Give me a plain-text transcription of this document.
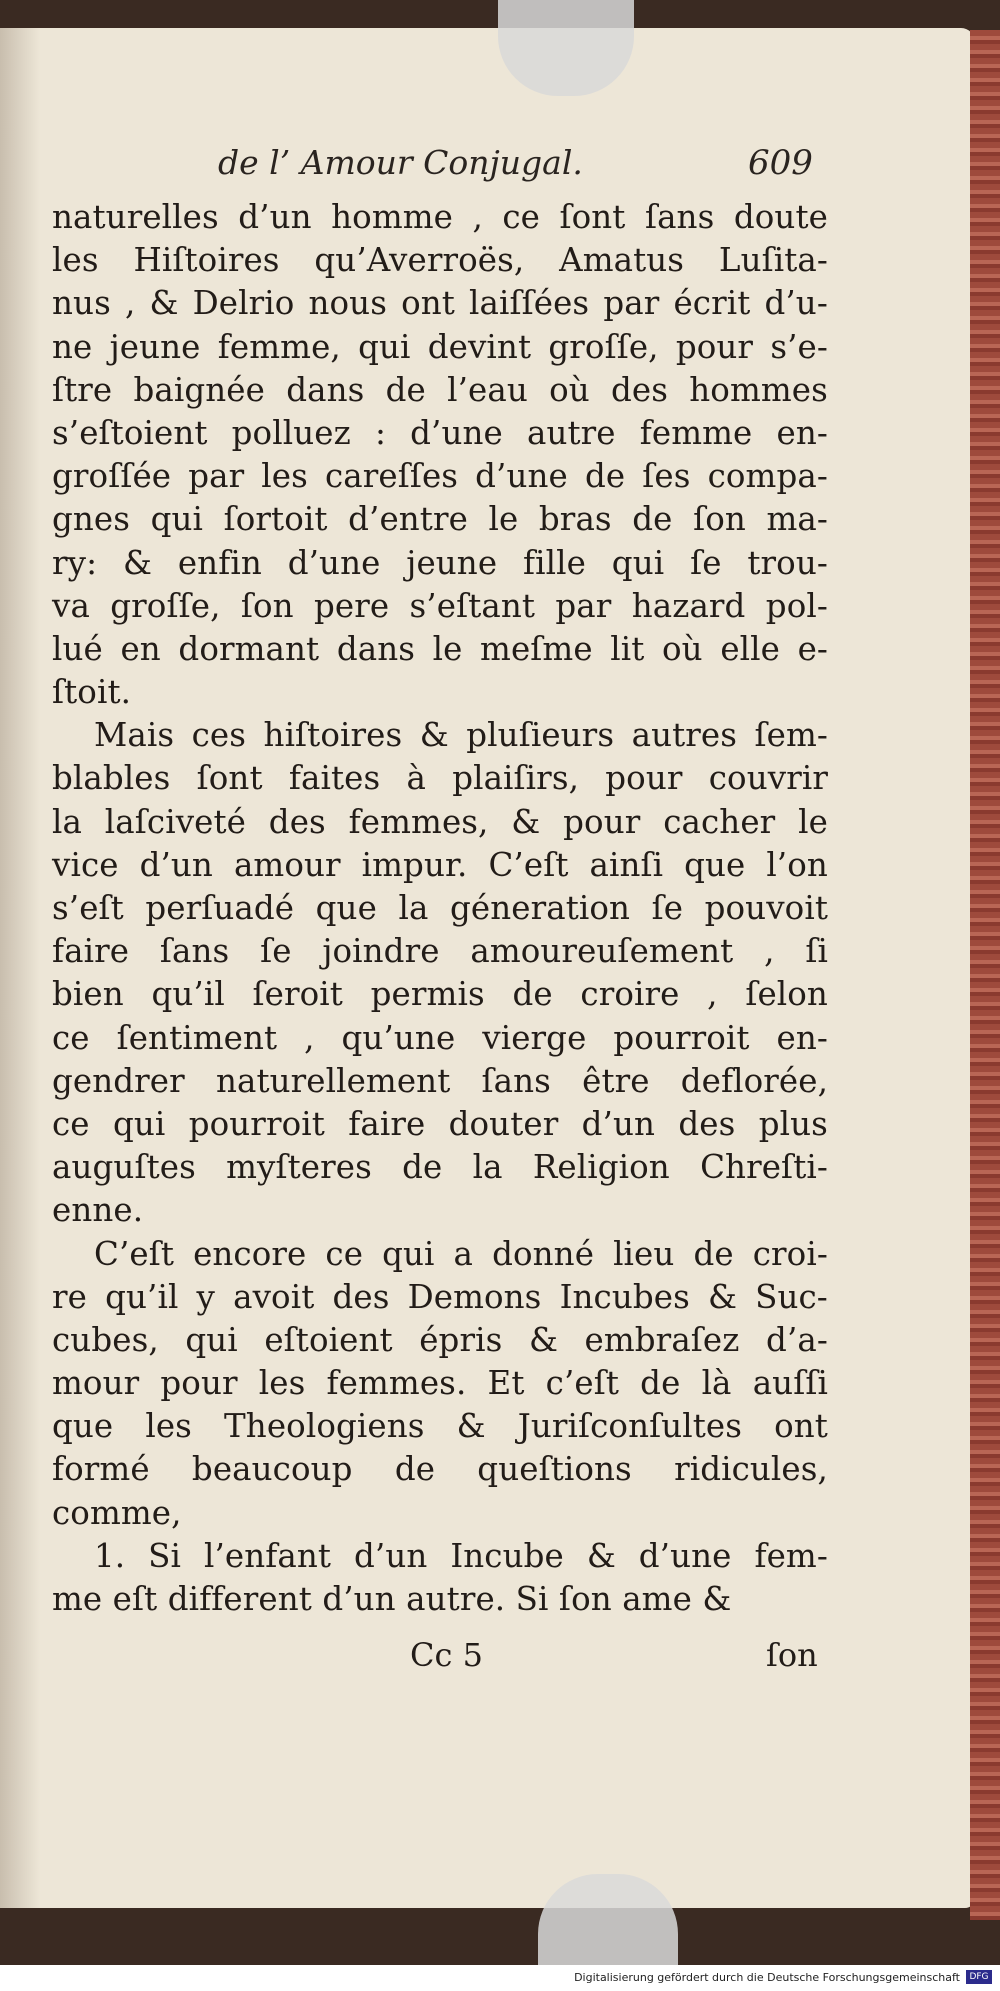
de l’ Amour Conjugal.	609
naturelles d’un homme , ce ſont ſans doute
les Hiſtoires qu’Averroës, Amatus Luſita-
nus , & Delrio nous ont laiſſées par écrit d’u-
ne jeune femme, qui devint groſſe, pour s’e-
ſtre baignée dans de l’eau où des hommes
s’eſtoient polluez : d’une autre femme en-
groſſée par les careſſes d’une de ſes compa-
gnes qui ſortoit d’entre le bras de ſon ma-
ry: & enfin d’une jeune fille qui ſe trou-
va groſſe, ſon pere s’eſtant par hazard pol-
lué en dormant dans le meſme lit où elle e-
ſtoit.
Mais ces hiſtoires & pluſieurs autres ſem-
blables ſont faites à plaiſirs, pour couvrir
la laſciveté des femmes, & pour cacher le
vice d’un amour impur. C’eſt ainſi que l’on
s’eſt perſuadé que la géneration ſe pouvoit
faire ſans ſe joindre amoureuſement , ſi
bien qu’il ſeroit permis de croire , ſelon
ce ſentiment , qu’une vierge pourroit en-
gendrer naturellement ſans être deflorée,
ce qui pourroit faire douter d’un des plus
auguſtes myſteres de la Religion Chreſti-
enne.
C’eſt encore ce qui a donné lieu de croi-
re qu’il y avoit des Demons Incubes & Suc-
cubes, qui eſtoient épris & embraſez d’a-
mour pour les femmes. Et c’eſt de là auſſi
que les Theologiens & Juriſconſultes ont
formé beaucoup de queſtions ridicules,
comme,
1. Si l’enfant d’un Incube & d’une fem-
me eſt different d’un autre. Si ſon ame &
Cc 5	ſon
Digitalisierung gefördert durch die Deutsche Forschungsgemeinschaft	DFG
